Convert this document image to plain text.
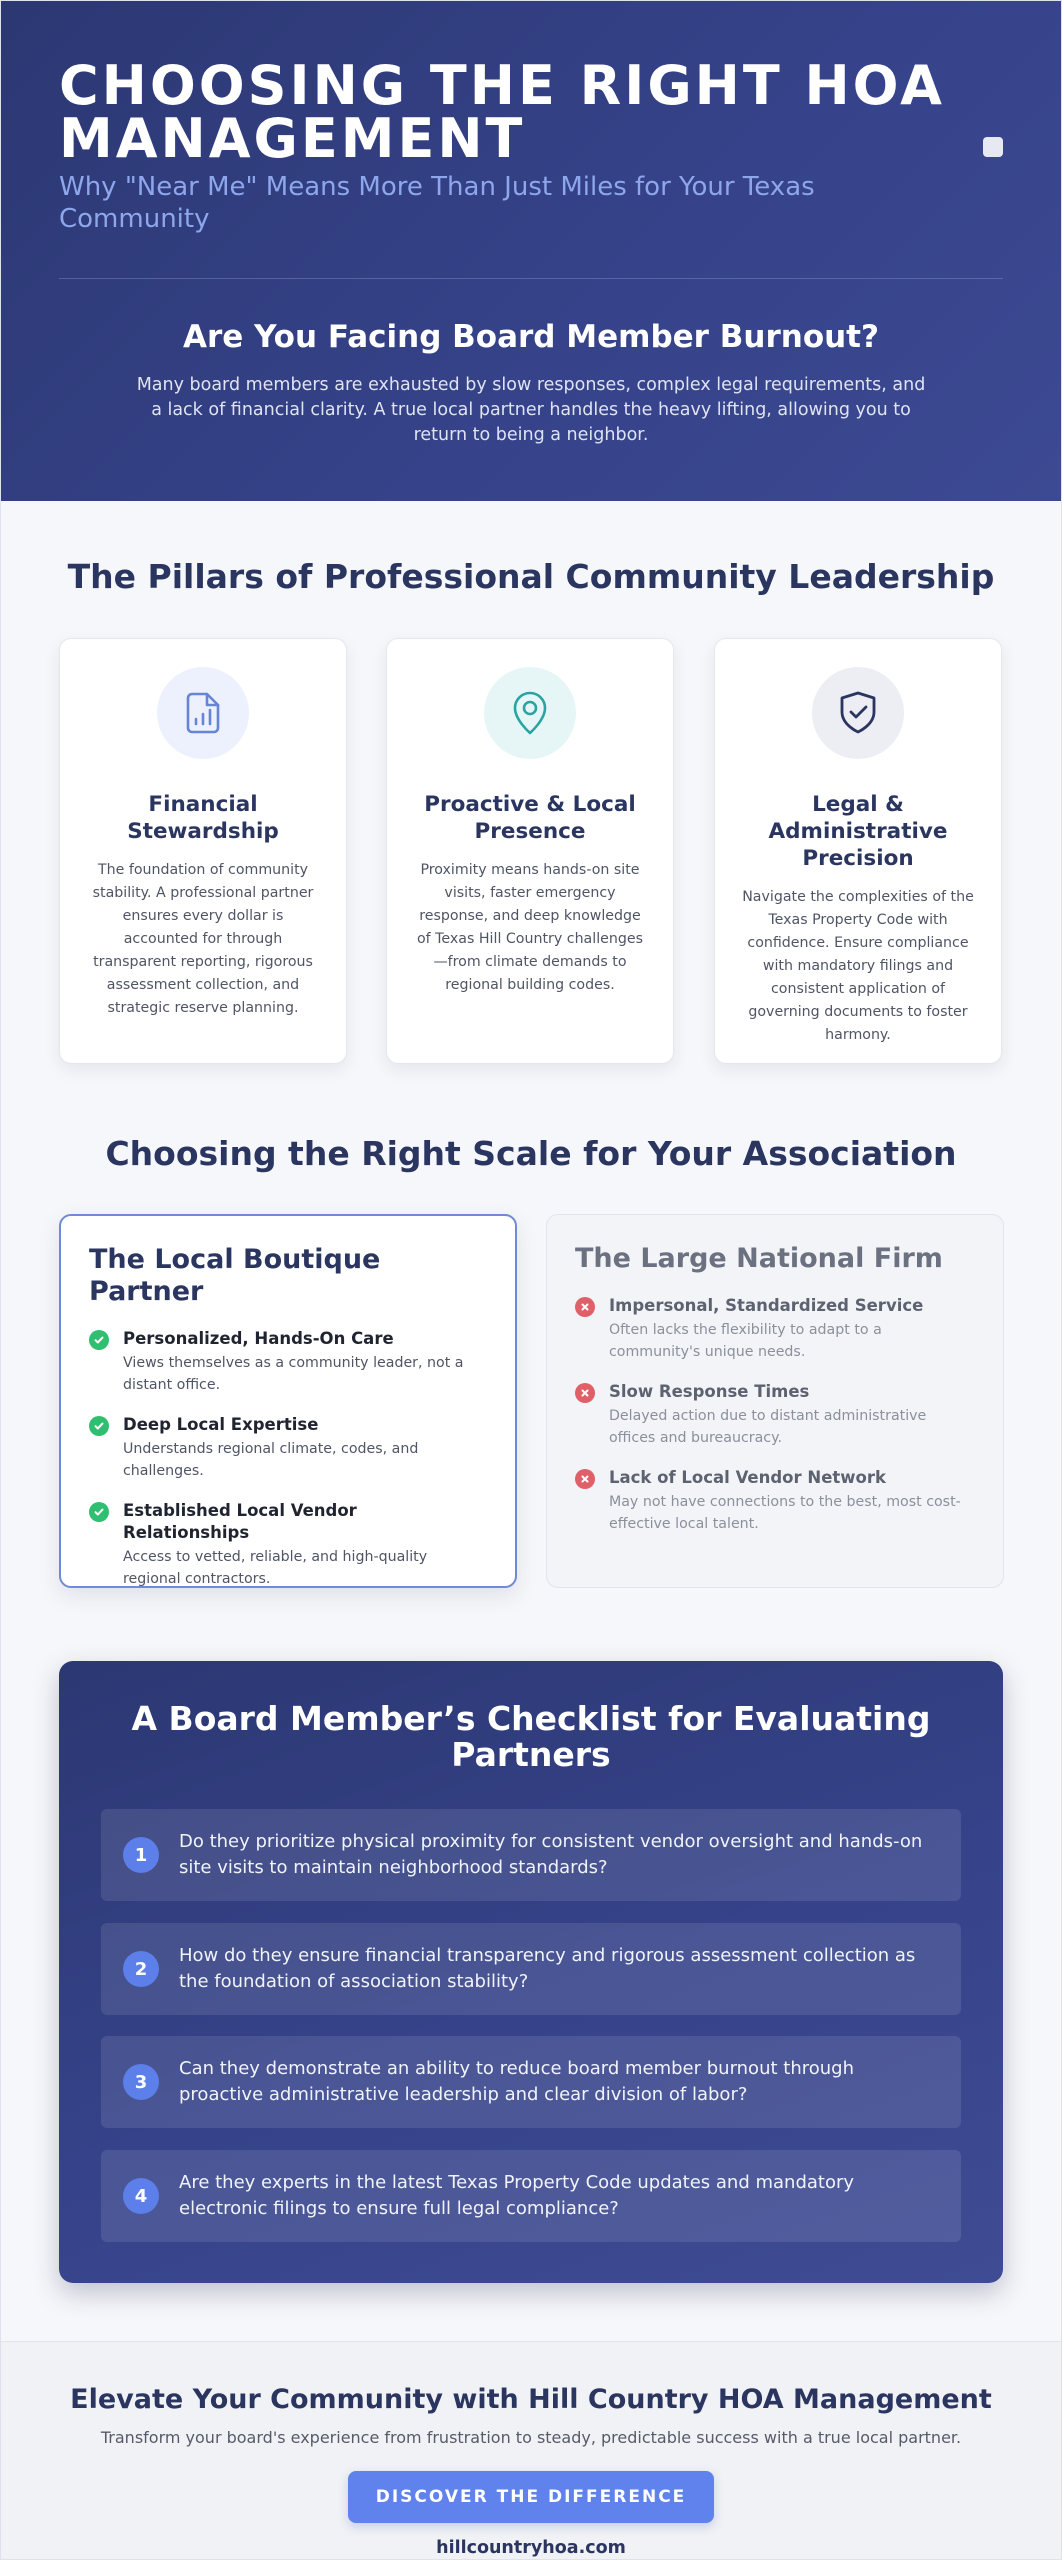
CHOOSING THE RIGHT HOA MANAGEMENT

Why "Near Me" Means More Than Just Miles for Your Texas Community

Are You Facing Board Member Burnout?

Many board members are exhausted by slow responses, complex legal requirements, and a lack of financial clarity. A true local partner handles the heavy lifting, allowing you to return to being a neighbor.

The Pillars of Professional Community Leadership
Financial Stewardship

The foundation of community stability. A professional partner ensures every dollar is accounted for through transparent reporting, rigorous assessment collection, and strategic reserve planning.

Proactive & Local Presence

Proximity means hands-on site visits, faster emergency response, and deep knowledge of Texas Hill Country challenges—from climate demands to regional building codes.

Legal & Administrative Precision

Navigate the complexities of the Texas Property Code with confidence. Ensure compliance with mandatory filings and consistent application of governing documents to foster harmony.

Choosing the Right Scale for Your Association
The Local Boutique Partner

Personalized, Hands-On Care

Views themselves as a community leader, not a distant office.

Deep Local Expertise

Understands regional climate, codes, and challenges.

Established Local Vendor Relationships

Access to vetted, reliable, and high-quality regional contractors.

The Large National Firm

Impersonal, Standardized Service

Often lacks the flexibility to adapt to a community's unique needs.

Slow Response Times

Delayed action due to distant administrative offices and bureaucracy.

Lack of Local Vendor Network

May not have connections to the best, most cost-effective local talent.

A Board Member’s Checklist for Evaluating Partners
1

Do they prioritize physical proximity for consistent vendor oversight and hands-on site visits to maintain neighborhood standards?

2

How do they ensure financial transparency and rigorous assessment collection as the foundation of association stability?

3

Can they demonstrate an ability to reduce board member burnout through proactive administrative leadership and clear division of labor?

4

Are they experts in the latest Texas Property Code updates and mandatory electronic filings to ensure full legal compliance?

Elevate Your Community with Hill Country HOA Management

Transform your board's experience from frustration to steady, predictable success with a true local partner.

DISCOVER THE DIFFERENCE

hillcountryhoa.com
